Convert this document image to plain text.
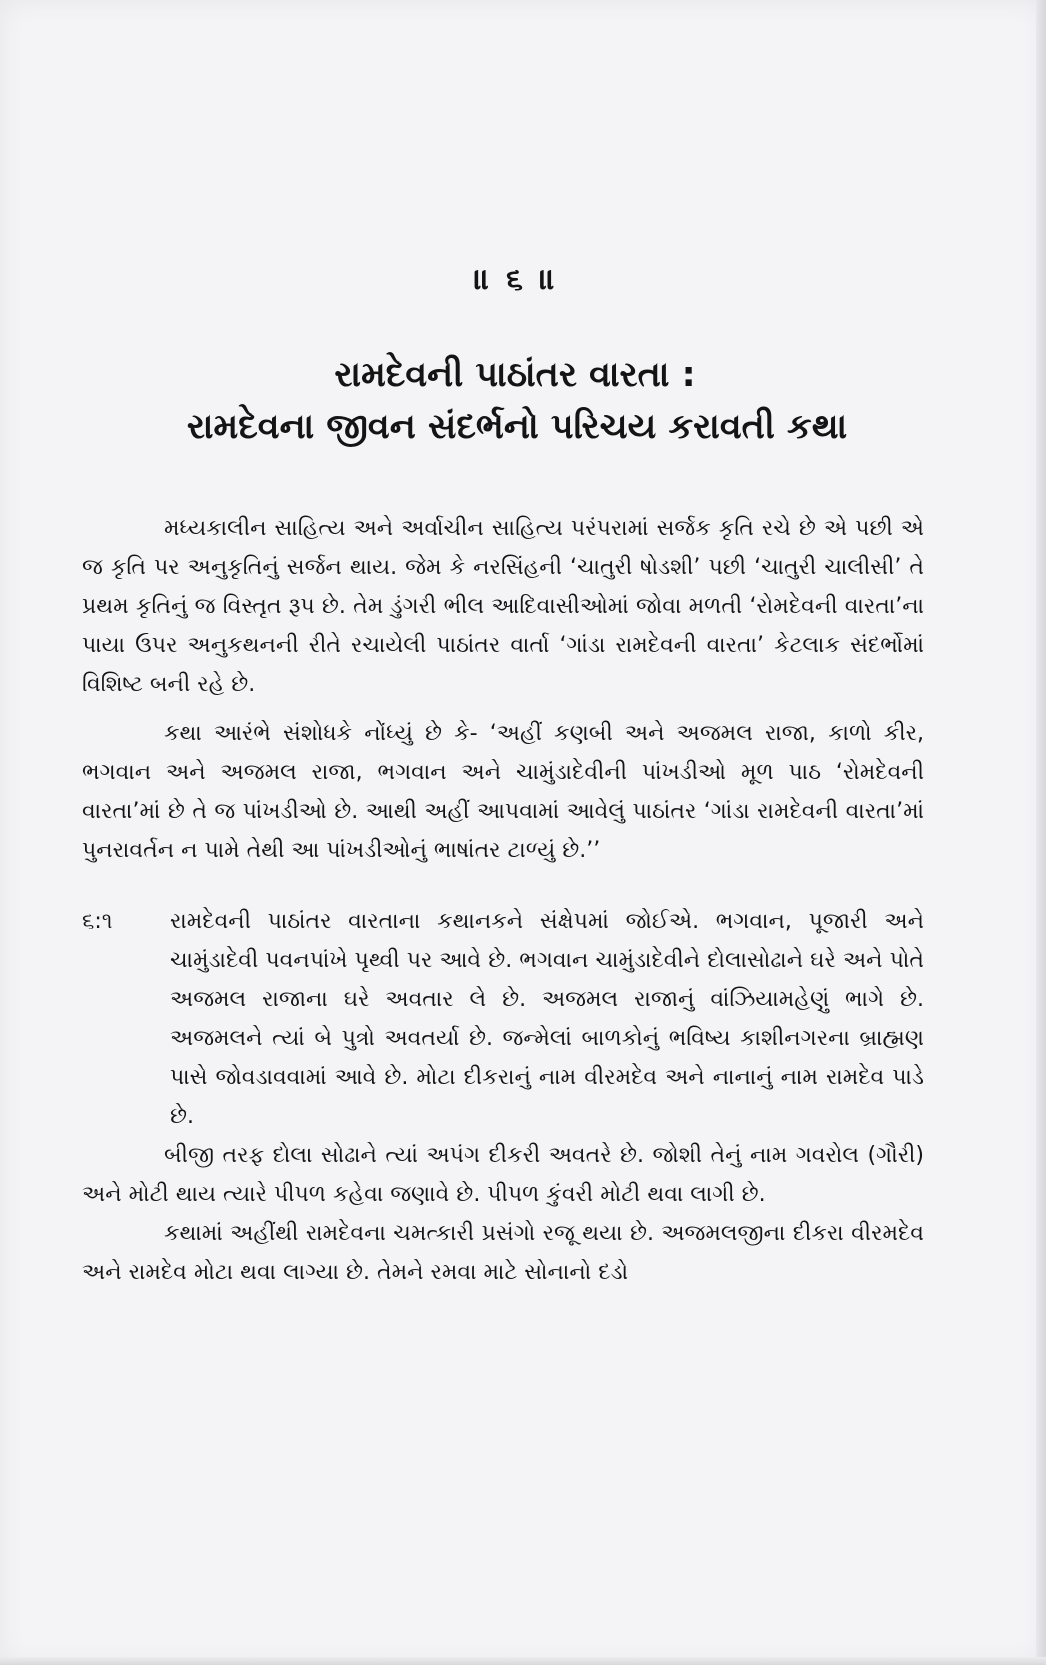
॥ ૬ ॥
રામદેવની પાઠાંતર વારતા :
રામદેવના જીવન સંદર્ભનો પરિચય કરાવતી કથા

મધ્યકાલીન સાહિત્ય અને અર્વાચીન સાહિત્ય પરંપરામાં સર્જક કૃતિ રચે છે એ પછી એ જ કૃતિ પર અનુકૃતિનું સર્જન થાય. જેમ કે નરસિંહની ‘ચાતુરી ષોડશી’ પછી ‘ચાતુરી ચાલીસી’ તે પ્રથમ કૃતિનું જ વિસ્તૃત રૂપ છે. તેમ ડુંગરી ભીલ આદિવાસીઓમાં જોવા મળતી ‘રોમદેવની વારતા’ના પાયા ઉપર અનુકથનની રીતે રચાયેલી પાઠાંતર વાર્તા ‘ગાંડા રામદેવની વારતા’ કેટલાક સંદર્ભોમાં વિશિષ્ટ બની રહે છે.

કથા આરંભે સંશોધકે નોંધ્યું છે કે- ‘અહીં કણબી અને અજમલ રાજા, કાળો કીર, ભગવાન અને અજમલ રાજા, ભગવાન અને ચામુંડાદેવીની પાંખડીઓ મૂળ પાઠ ‘રોમદેવની વારતા’માં છે તે જ પાંખડીઓ છે. આથી અહીં આપવામાં આવેલું પાઠાંતર ‘ગાંડા રામદેવની વારતા’માં પુનરાવર્તન ન પામે તેથી આ પાંખડીઓનું ભાષાંતર ટાળ્યું છે.’’

૬:૧	રામદેવની પાઠાંતર વારતાના કથાનકને સંક્ષેપમાં જોઈએ. ભગવાન, પૂજારી અને ચામુંડાદેવી પવનપાંખે પૃથ્વી પર આવે છે. ભગવાન ચામુંડાદેવીને દોલાસોઢાને ઘરે અને પોતે અજમલ રાજાના ઘરે અવતાર લે છે. અજમલ રાજાનું વાંઝિયામહેણું ભાગે છે. અજમલને ત્યાં બે પુત્રો અવતર્યા છે. જન્મેલાં બાળકોનું ભવિષ્ય કાશીનગરના બ્રાહ્મણ પાસે જોવડાવવામાં આવે છે. મોટા દીકરાનું નામ વીરમદેવ અને નાનાનું નામ રામદેવ પાડે છે.

બીજી તરફ દોલા સોઢાને ત્યાં અપંગ દીકરી અવતરે છે. જોશી તેનું નામ ગવરોલ (ગૌરી) અને મોટી થાય ત્યારે પીપળ કહેવા જણાવે છે. પીપળ કુંવરી મોટી થવા લાગી છે.

કથામાં અહીંથી રામદેવના ચમત્કારી પ્રસંગો રજૂ થયા છે. અજમલજીના દીકરા વીરમદેવ અને રામદેવ મોટા થવા લાગ્યા છે. તેમને રમવા માટે સોનાનો દડો
